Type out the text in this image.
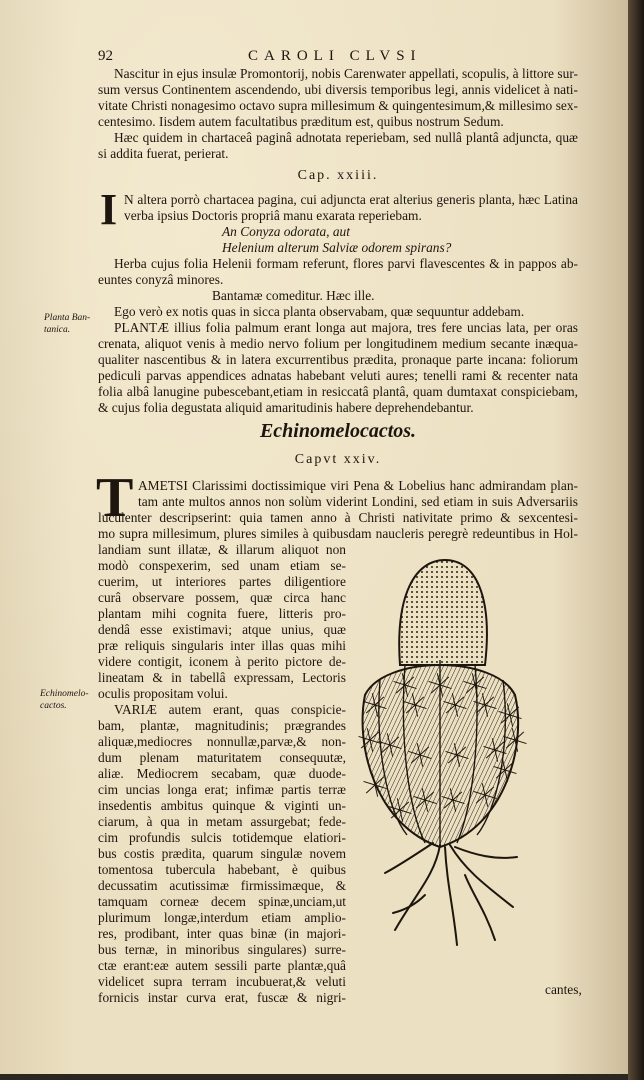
92	CAROLI CLVSI
Nascitur in ejus insulæ Promontorij, nobis Carenwater appellati, scopulis, à littore sur-
sum versus Continentem ascendendo, ubi diversis temporibus legi, annis videlicet à nati-
vitate Christi nonagesimo octavo supra millesimum & quingentesimum,& millesimo sex-
centesimo. Iisdem autem facultatibus præditum est, quibus nostrum Sedum.
Hæc quidem in chartaceâ paginâ adnotata reperiebam, sed nullâ plantâ adjuncta, quæ
si addita fuerat, perierat.
Cap. xxiii.
I N altera porrò chartacea pagina, cui adjuncta erat alterius generis planta, hæc Latina
verba ipsius Doctoris propriâ manu exarata reperiebam.
An Conyza odorata, aut
Helenium alterum Salviæ odorem spirans?
Herba cujus folia Helenii formam referunt, flores parvi flavescentes & in pappos ab-
euntes conyzâ minores.
Bantamæ comeditur. Hæc ille.
Ego verò ex notis quas in sicca planta observabam, quæ sequuntur addebam.
PLANTÆ illius folia palmum erant longa aut majora, tres fere uncias lata, per oras
crenata, aliquot venis à medio nervo folium per longitudinem medium secante inæqua-
qualiter nascentibus & in latera excurrentibus prædita, pronaque parte incana: foliorum
pediculi parvas appendices adnatas habebant veluti aures; tenelli rami & recenter nata
folia albâ lanugine pubescebant,etiam in resiccatâ plantâ, quam dumtaxat conspiciebam,
& cujus folia degustata aliquid amaritudinis habere deprehendebantur.
Planta Ban-
tanica.
Echinomelocactos.
Capvt xxiv.
T AMETSI Clarissimi doctissimique viri Pena & Lobelius hanc admirandam plan-
tam ante multos annos non solùm viderint Londini, sed etiam in suis Adversariis
luculenter descripserint: quia tamen anno à Christi nativitate primo & sexcentesi-
mo supra millesimum, plures similes à quibusdam naucleris peregrè redeuntibus in Hol-
landiam sunt illatæ, & illarum aliquot non
modò conspexerim, sed unam etiam se-
cuerim, ut interiores partes diligentiore
curâ observare possem, quæ circa hanc
plantam mihi cognita fuere, litteris pro-
dendâ esse existimavi; atque unius, quæ
præ reliquis singularis inter illas quas mihi
videre contigit, iconem à perito pictore de-
lineatam & in tabellâ expressam, Lectoris
oculis propositam volui.
VARIÆ autem erant, quas conspicie-
bam, plantæ, magnitudinis; prægrandes
aliquæ,mediocres nonnullæ,parvæ,& non-
dum plenam maturitatem consequutæ,
aliæ. Mediocrem secabam, quæ duode-
cim uncias longa erat; infimæ partis terræ
insedentis ambitus quinque & viginti un-
ciarum, à qua in metam assurgebat; fede-
cim profundis sulcis totidemque elatiori-
bus costis prædita, quarum singulæ novem
tomentosa tubercula habebant, è quibus
decussatim acutissimæ firmissimæque, &
tamquam corneæ decem spinæ,unciam,ut
plurimum longæ,interdum etiam amplio-
res, prodibant, inter quas binæ (in majori-
bus ternæ, in minoribus singulares) surre-
ctæ erant:eæ autem sessili parte plantæ,quâ
videlicet supra terram incubuerat,& veluti
fornicis instar curva erat, fuscæ & nigri-
Echinomelo-
cactos.
cantes,
